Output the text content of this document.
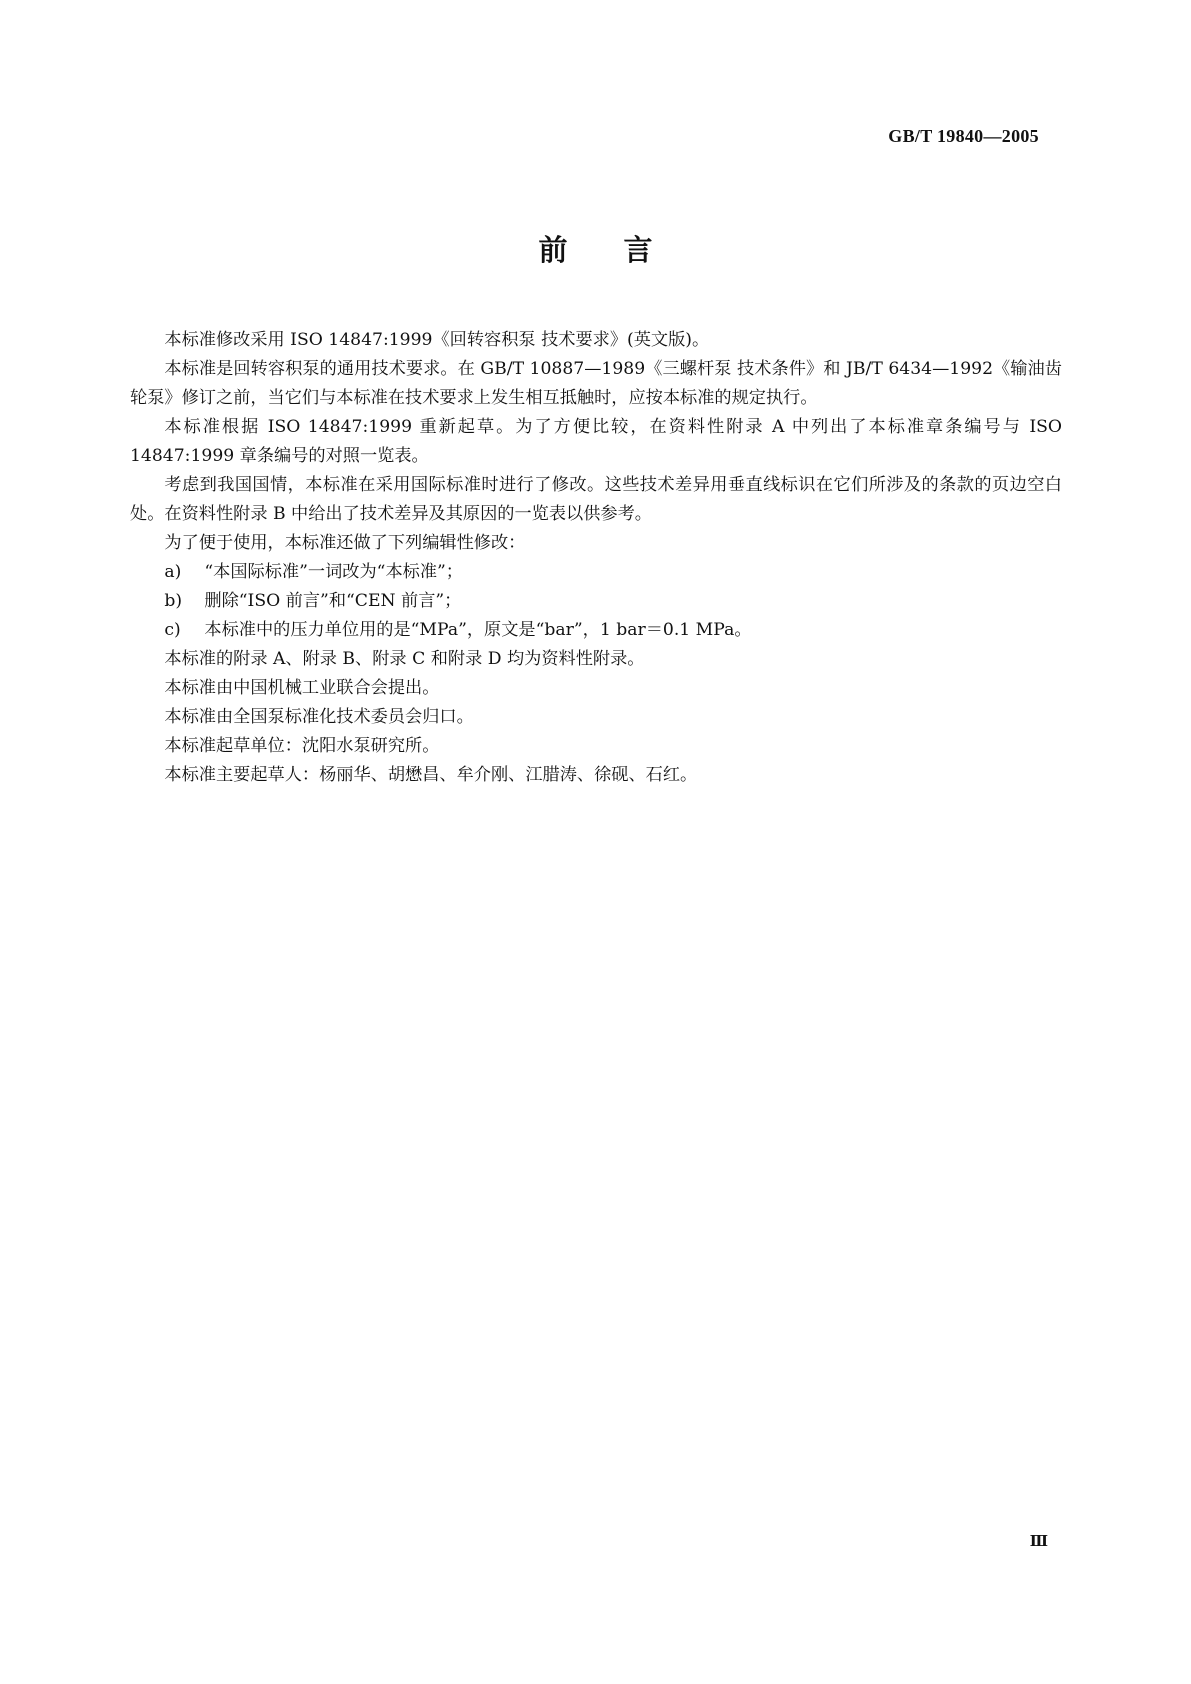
GB/T 19840—2005
前 言

本标准修改采用 ISO 14847:1999《回转容积泵 技术要求》(英文版)。

本标准是回转容积泵的通用技术要求。在 GB/T 10887—1989《三螺杆泵 技术条件》和 JB/T 6434—1992《输油齿轮泵》修订之前，当它们与本标准在技术要求上发生相互抵触时，应按本标准的规定执行。

本标准根据 ISO 14847:1999 重新起草。为了方便比较，在资料性附录 A 中列出了本标准章条编号与 ISO 14847:1999 章条编号的对照一览表。

考虑到我国国情，本标准在采用国际标准时进行了修改。这些技术差异用垂直线标识在它们所涉及的条款的页边空白处。在资料性附录 B 中给出了技术差异及其原因的一览表以供参考。

为了便于使用，本标准还做了下列编辑性修改：

a) “本国际标准”一词改为“本标准”；

b) 删除“ISO 前言”和“CEN 前言”；

c) 本标准中的压力单位用的是“MPa”，原文是“bar”，1 bar＝0.1 MPa。

本标准的附录 A、附录 B、附录 C 和附录 D 均为资料性附录。

本标准由中国机械工业联合会提出。

本标准由全国泵标准化技术委员会归口。

本标准起草单位：沈阳水泵研究所。

本标准主要起草人：杨丽华、胡懋昌、牟介刚、江腊涛、徐砚、石红。

Ⅲ
